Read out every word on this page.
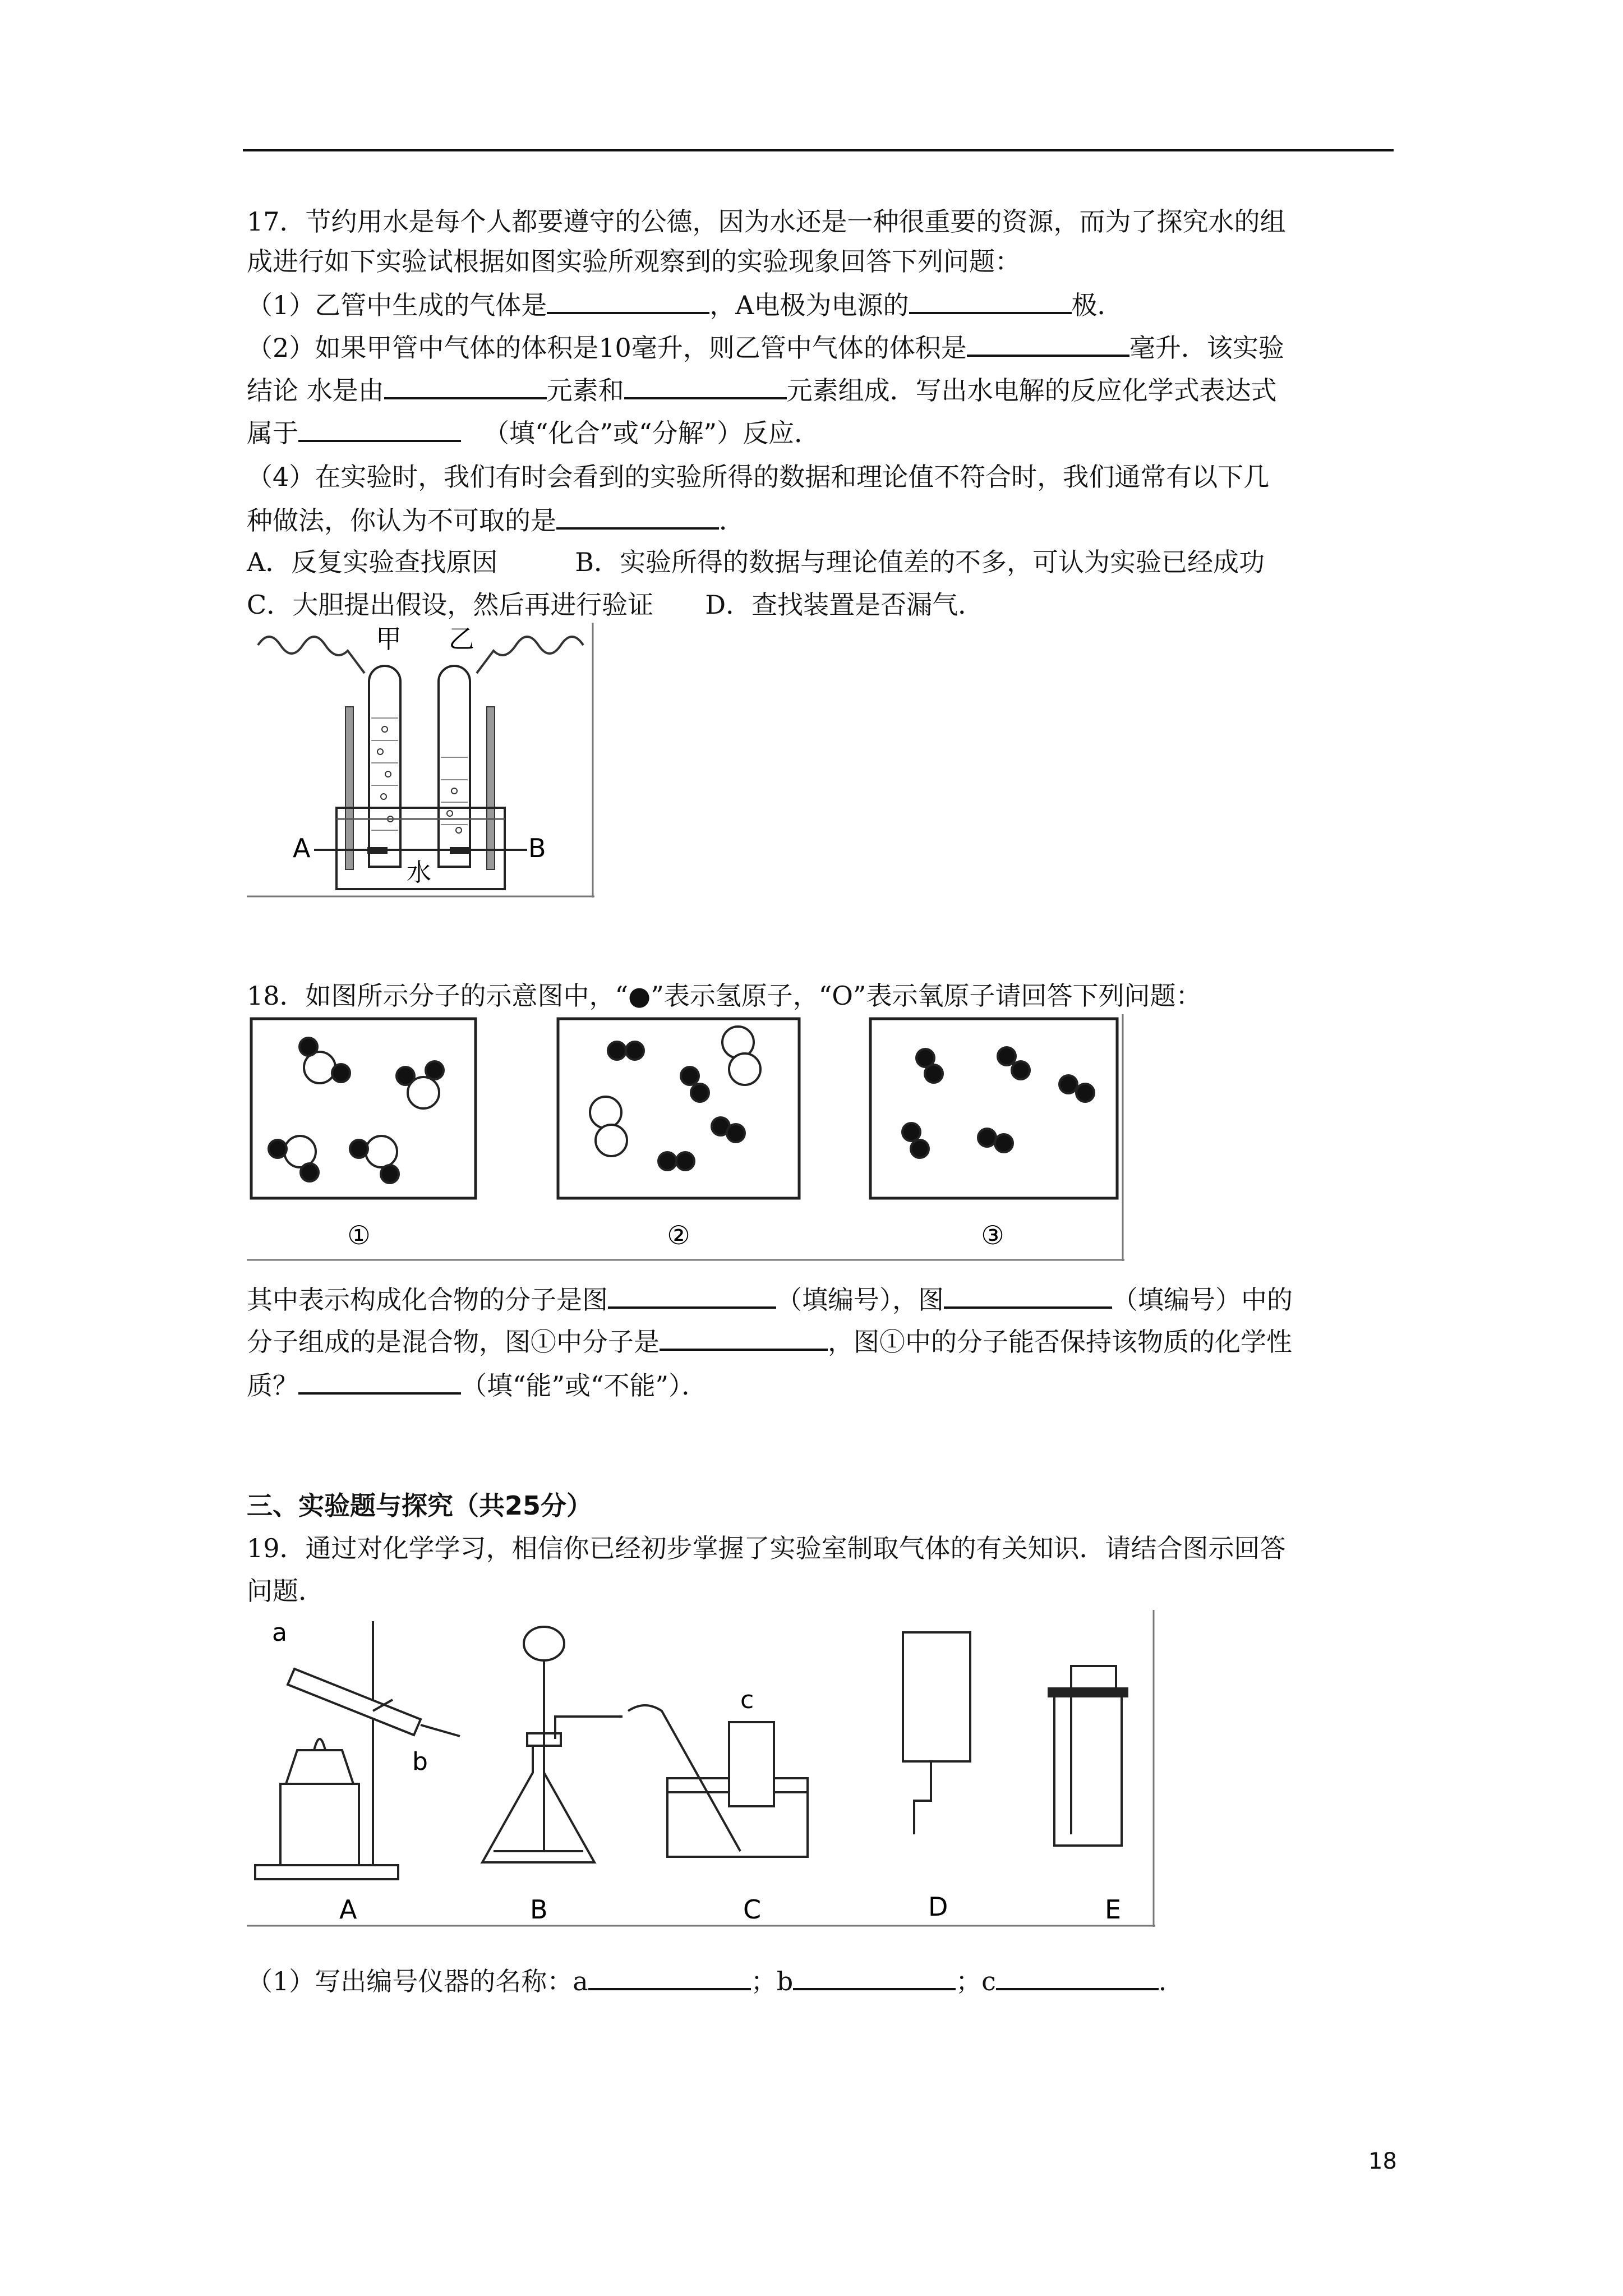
17．节约用水是每个人都要遵守的公德，因为水还是一种很重要的资源，而为了探究水的组
成进行如下实验试根据如图实验所观察到的实验现象回答下列问题：
（1）乙管中生成的气体是	，A电极为电源的	极．
（2）如果甲管中气体的体积是10毫升，则乙管中气体的体积是	毫升．该实验
结论 水是由	元素和	元素组成．写出水电解的反应化学式表达式
属于	（填“化合”或“分解”）反应．
（4）在实验时，我们有时会看到的实验所得的数据和理论值不符合时，我们通常有以下几
种做法，你认为不可取的是	．
A．反复实验查找原因　　　B．实验所得的数据与理论值差的不多，可认为实验已经成功
C．大胆提出假设，然后再进行验证　　D．查找装置是否漏气．
A	B
水
甲 乙
18．如图所示分子的示意图中，“●”表示氢原子，“O”表示氧原子请回答下列问题：
①	②	③
其中表示构成化合物的分子是图	（填编号），图	（填编号）中的
分子组成的是混合物，图①中分子是	，图①中的分子能否保持该物质的化学性
质？	（填“能”或“不能”）．
三、实验题与探究（共25分）
19．通过对化学学习，相信你已经初步掌握了实验室制取气体的有关知识．请结合图示回答
问题．
a
b
c
A	B	C	D	E
（1）写出编号仪器的名称：a	；b	；c	．
18
